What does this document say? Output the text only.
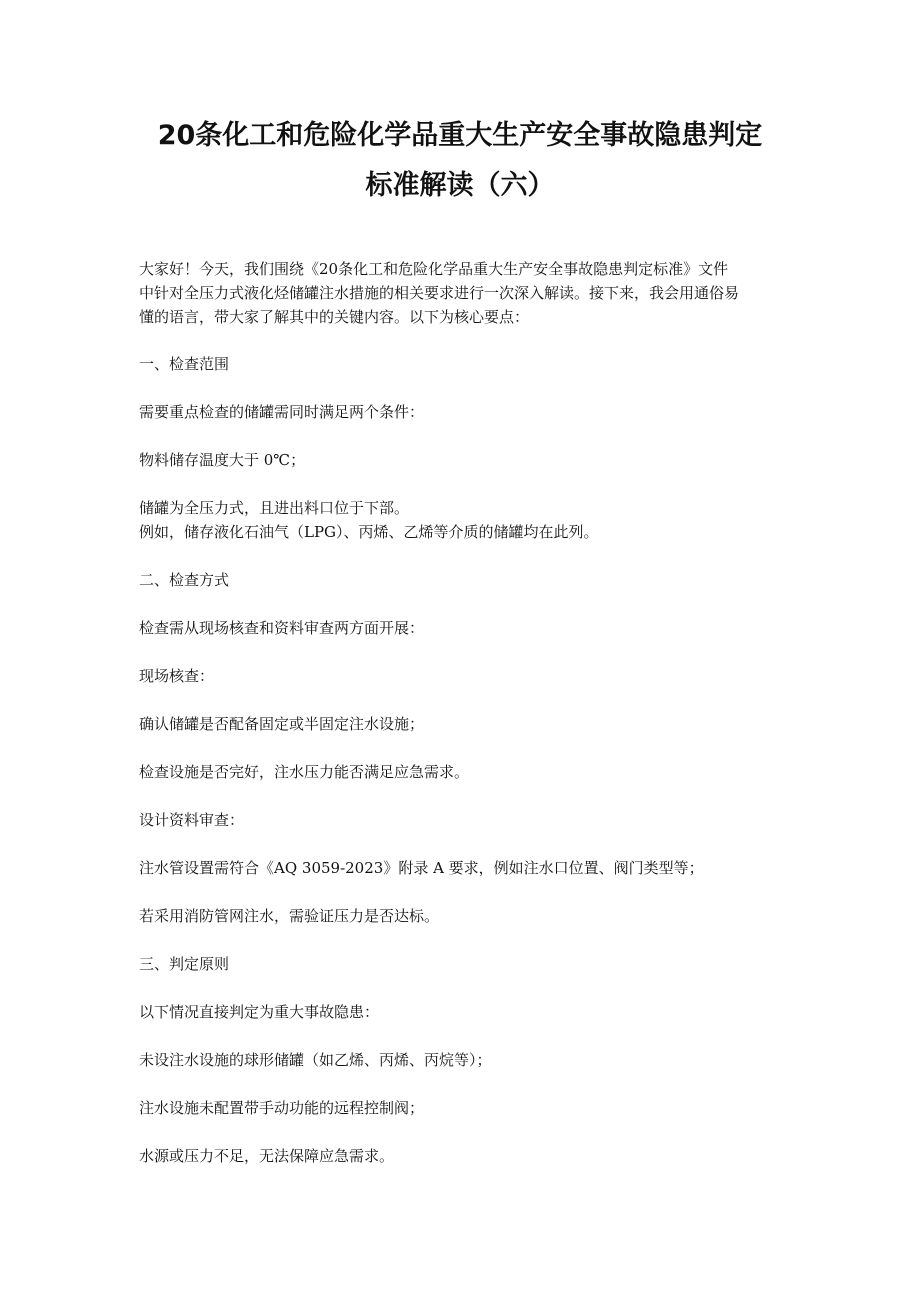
20条化工和危险化学品重大生产安全事故隐患判定
标准解读（六）
大家好！今天，我们围绕《20条化工和危险化学品重大生产安全事故隐患判定标准》文件
中针对全压力式液化烃储罐注水措施的相关要求进行一次深入解读。接下来，我会用通俗易
懂的语言，带大家了解其中的关键内容。以下为核心要点：

一、检查范围

需要重点检查的储罐需同时满足两个条件：

物料储存温度大于 0℃；

储罐为全压力式，且进出料口位于下部。

例如，储存液化石油气（LPG）、丙烯、乙烯等介质的储罐均在此列。

二、检查方式

检查需从现场核查和资料审查两方面开展：

现场核查：

确认储罐是否配备固定或半固定注水设施；

检查设施是否完好，注水压力能否满足应急需求。

设计资料审查：

注水管设置需符合《AQ 3059-2023》附录 A 要求，例如注水口位置、阀门类型等；

若采用消防管网注水，需验证压力是否达标。

三、判定原则

以下情况直接判定为重大事故隐患：

未设注水设施的球形储罐（如乙烯、丙烯、丙烷等）；

注水设施未配置带手动功能的远程控制阀；

水源或压力不足，无法保障应急需求。
